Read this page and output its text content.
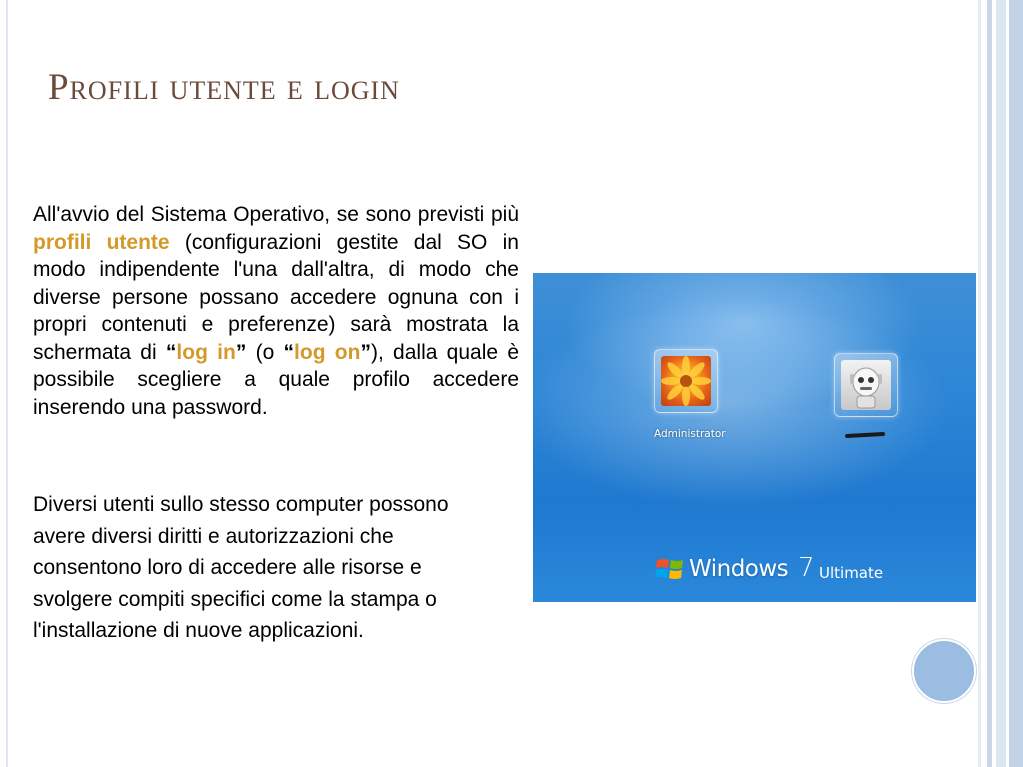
Profili utente e login

All'avvio del Sistema Operativo, se sono previsti più profili utente (configurazioni gestite dal SO in modo indipendente l'una dall'altra, di modo che diverse persone possano accedere ognuna con i propri contenuti e preferenze) sarà mostrata la schermata di “log in” (o “log on”), dalla quale è possibile scegliere a quale profilo accedere inserendo una password.

Diversi utenti sullo stesso computer possono avere diversi diritti e autorizzazioni che consentono loro di accedere alle risorse e svolgere compiti specifici come la stampa o l'installazione di nuove applicazioni.

Administrator
Windows 7 Ultimate
